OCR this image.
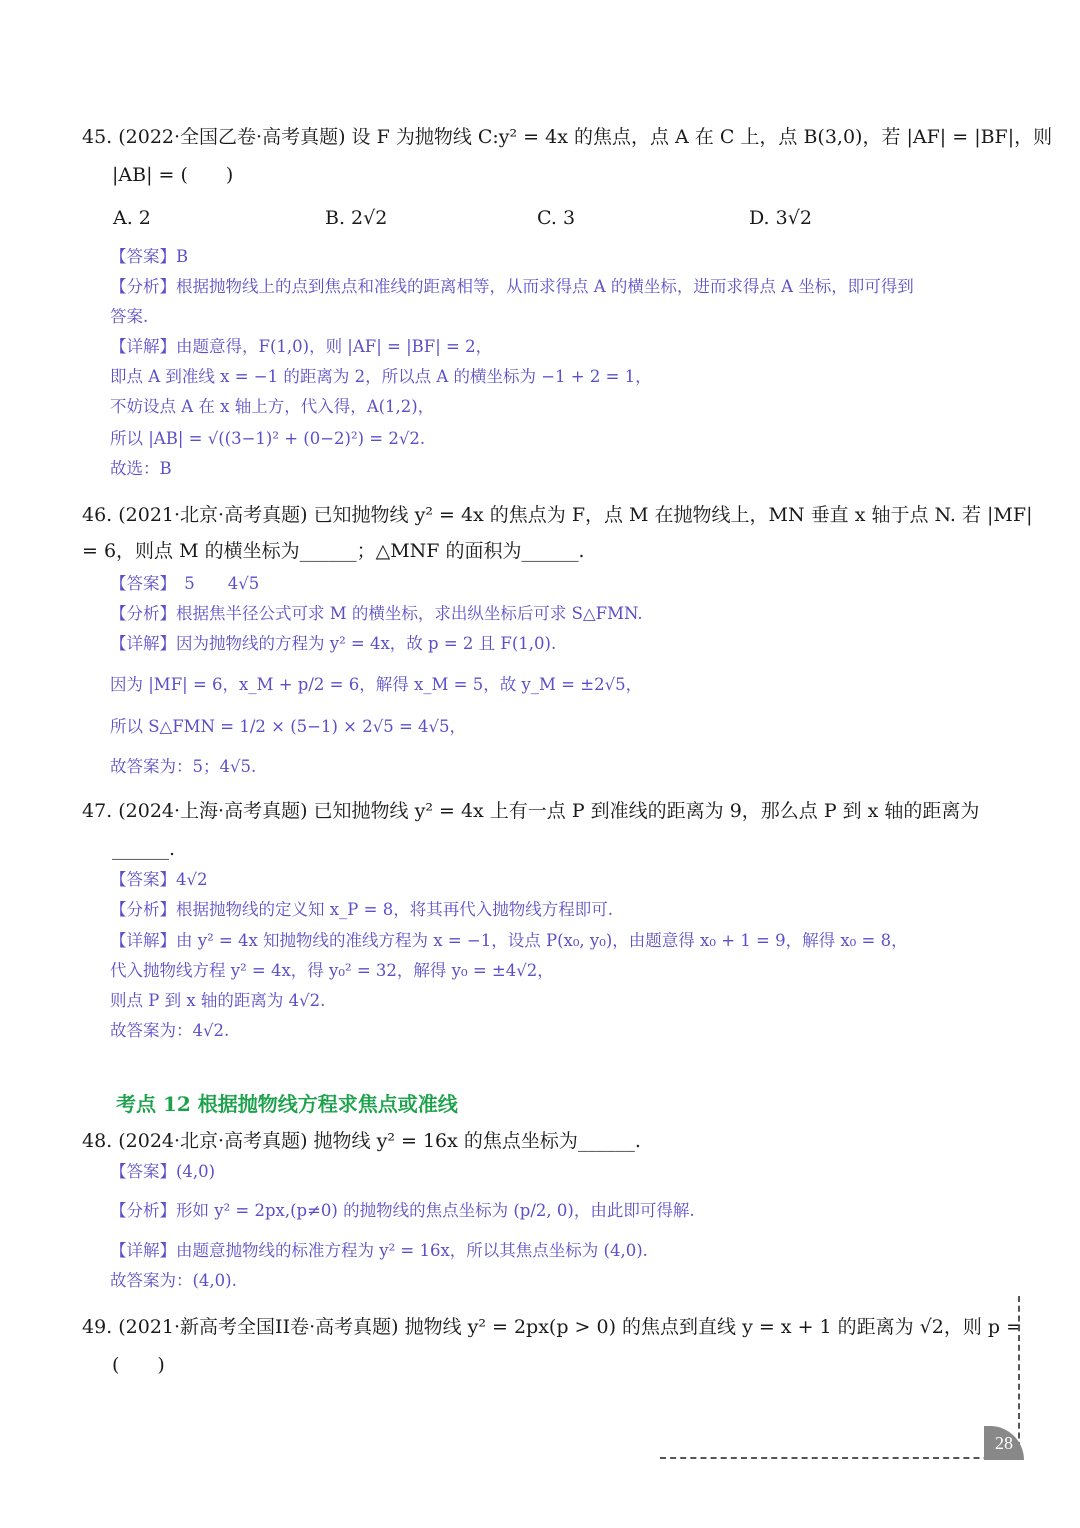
45. (2022·全国乙卷·高考真题) 设 F 为抛物线 C:y² = 4x 的焦点，点 A 在 C 上，点 B(3,0)，若 |AF| = |BF|，则
|AB| = (　　)
A. 2	B. 2√2	C. 3	D. 3√2
【答案】B
【分析】根据抛物线上的点到焦点和准线的距离相等，从而求得点 A 的横坐标，进而求得点 A 坐标，即可得到
答案.
【详解】由题意得，F(1,0)，则 |AF| = |BF| = 2，
即点 A 到准线 x = −1 的距离为 2，所以点 A 的横坐标为 −1 + 2 = 1，
不妨设点 A 在 x 轴上方，代入得，A(1,2)，
所以 |AB| = √((3−1)² + (0−2)²) = 2√2.
故选：B
46. (2021·北京·高考真题) 已知抛物线 y² = 4x 的焦点为 F，点 M 在抛物线上，MN 垂直 x 轴于点 N. 若 |MF|
= 6，则点 M 的横坐标为______；△MNF 的面积为______.
【答案】　5　　4√5
【分析】根据焦半径公式可求 M 的横坐标，求出纵坐标后可求 S△FMN.
【详解】因为抛物线的方程为 y² = 4x，故 p = 2 且 F(1,0).
因为 |MF| = 6，x_M + p/2 = 6，解得 x_M = 5，故 y_M = ±2√5，
所以 S△FMN = 1/2 × (5−1) × 2√5 = 4√5，
故答案为：5；4√5.
47. (2024·上海·高考真题) 已知抛物线 y² = 4x 上有一点 P 到准线的距离为 9，那么点 P 到 x 轴的距离为
______.
【答案】4√2
【分析】根据抛物线的定义知 x_P = 8，将其再代入抛物线方程即可.
【详解】由 y² = 4x 知抛物线的准线方程为 x = −1，设点 P(x₀, y₀)，由题意得 x₀ + 1 = 9，解得 x₀ = 8，
代入抛物线方程 y² = 4x，得 y₀² = 32，解得 y₀ = ±4√2，
则点 P 到 x 轴的距离为 4√2.
故答案为：4√2.
考点 12 根据抛物线方程求焦点或准线
48. (2024·北京·高考真题) 抛物线 y² = 16x 的焦点坐标为______.
【答案】(4,0)
【分析】形如 y² = 2px,(p≠0) 的抛物线的焦点坐标为 (p/2, 0)，由此即可得解.
【详解】由题意抛物线的标准方程为 y² = 16x，所以其焦点坐标为 (4,0).
故答案为：(4,0).
49. (2021·新高考全国II卷·高考真题) 抛物线 y² = 2px(p > 0) 的焦点到直线 y = x + 1 的距离为 √2，则 p =
(　　)
28
